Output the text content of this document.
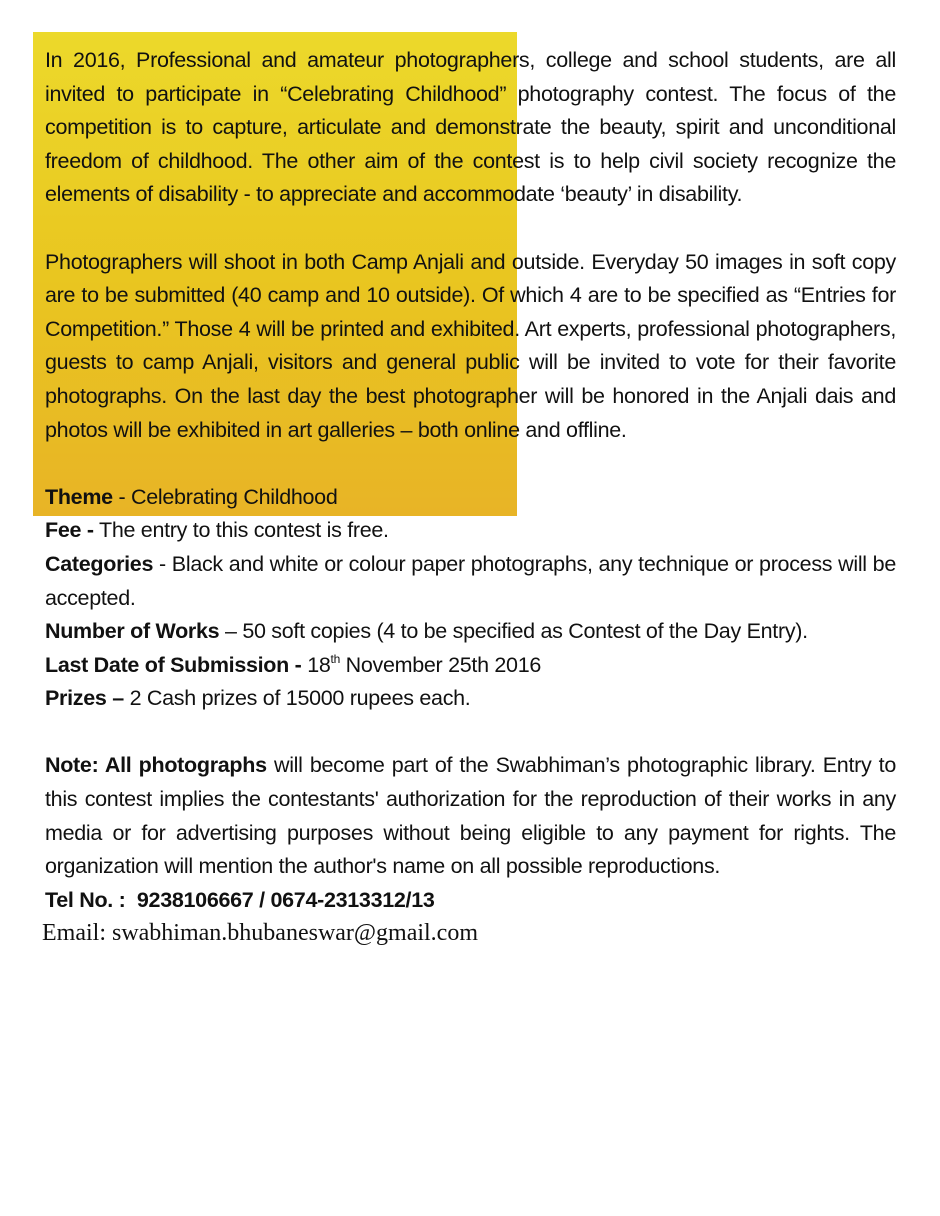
In 2016, Professional and amateur photographers, college and school students, are all invited to participate in “Celebrating Childhood” photography contest. The focus of the competition is to capture, articulate and demonstrate the beauty, spirit and unconditional freedom of childhood. The other aim of the contest is to help civil society recognize the elements of disability - to appreciate and accommodate ‘beauty’ in disability.

Photographers will shoot in both Camp Anjali and outside. Everyday 50 images in soft copy are to be submitted (40 camp and 10 outside). Of which 4 are to be specified as “Entries for Competition.” Those 4 will be printed and exhibited. Art experts, professional photographers, guests to camp Anjali, visitors and general public will be invited to vote for their favorite photographs. On the last day the best photographer will be honored in the Anjali dais and photos will be exhibited in art galleries – both online and offline.

Theme - Celebrating Childhood

Fee - The entry to this contest is free.

Categories - Black and white or colour paper photographs, any technique or process will be accepted.

Number of Works – 50 soft copies (4 to be specified as Contest of the Day Entry).

Last Date of Submission - 18th November 25th 2016

Prizes – 2 Cash prizes of 15000 rupees each.

Note: All photographs will become part of the Swabhiman’s photographic library. Entry to this contest implies the contestants' authorization for the reproduction of their works in any media or for advertising purposes without being eligible to any payment for rights. The organization will mention the author's name on all possible reproductions.

Tel No. : 9238106667 / 0674-2313312/13

Email: swabhiman.bhubaneswar@gmail.com
